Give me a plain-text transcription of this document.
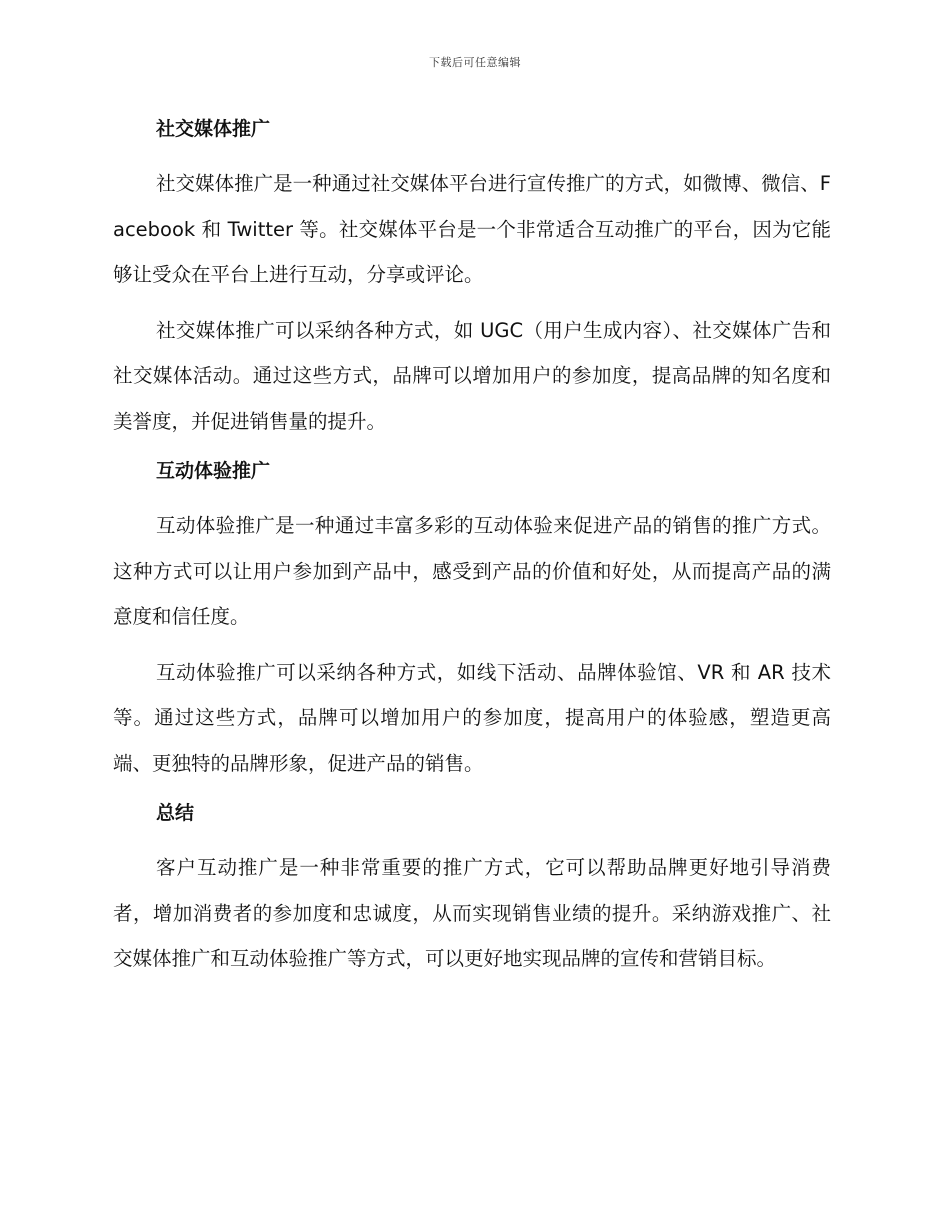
下载后可任意编辑
社交媒体推广

社交媒体推广是一种通过社交媒体平台进行宣传推广的方式，如微博、微信、Facebook 和 Twitter 等。社交媒体平台是一个非常适合互动推广的平台，因为它能够让受众在平台上进行互动，分享或评论。

社交媒体推广可以采纳各种方式，如 UGC（用户生成内容）、社交媒体广告和社交媒体活动。通过这些方式，品牌可以增加用户的参加度，提高品牌的知名度和美誉度，并促进销售量的提升。

互动体验推广

互动体验推广是一种通过丰富多彩的互动体验来促进产品的销售的推广方式。这种方式可以让用户参加到产品中，感受到产品的价值和好处，从而提高产品的满意度和信任度。

互动体验推广可以采纳各种方式，如线下活动、品牌体验馆、VR 和 AR 技术等。通过这些方式，品牌可以增加用户的参加度，提高用户的体验感，塑造更高端、更独特的品牌形象，促进产品的销售。

总结

客户互动推广是一种非常重要的推广方式，它可以帮助品牌更好地引导消费者，增加消费者的参加度和忠诚度，从而实现销售业绩的提升。采纳游戏推广、社交媒体推广和互动体验推广等方式，可以更好地实现品牌的宣传和营销目标。
